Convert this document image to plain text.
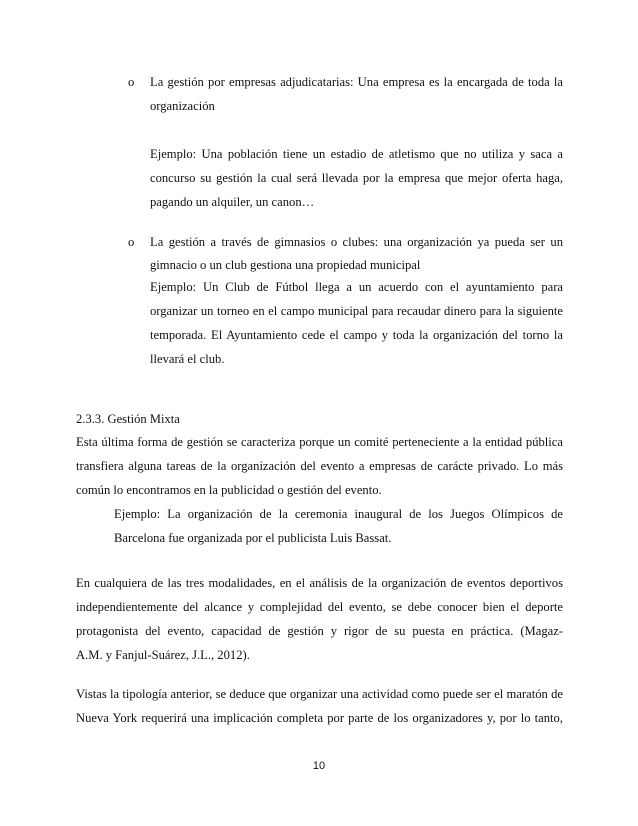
o La gestión por empresas adjudicatarias: Una empresa es la encargada de toda la
organización
Ejemplo: Una población tiene un estadio de atletismo que no utiliza y saca a
concurso su gestión la cual será llevada por la empresa que mejor oferta haga,
pagando un alquiler, un canon…
o La gestión a través de gimnasios o clubes: una organización ya pueda ser un
gimnacio o un club gestiona una propiedad municipal
Ejemplo: Un Club de Fútbol llega a un acuerdo con el ayuntamiento para
organizar un torneo en el campo municipal para recaudar dinero para la siguiente
temporada. El Ayuntamiento cede el campo y toda la organización del torno la
llevará el club.
2.3.3. Gestión Mixta
Esta última forma de gestión se caracteriza porque un comité perteneciente a la entidad pública
transfiera alguna tareas de la organización del evento a empresas de carácte privado. Lo más
común lo encontramos en la publicidad o gestión del evento.
Ejemplo: La organización de la ceremonia inaugural de los Juegos Olímpicos de
Barcelona fue organizada por el publicista Luis Bassat.
En cualquiera de las tres modalidades, en el análisis de la organización de eventos deportivos
independientemente del alcance y complejidad del evento, se debe conocer bien el deporte
protagonista del evento, capacidad de gestión y rigor de su puesta en práctica. (Magaz-
A.M. y Fanjul-Suárez, J.L., 2012).
Vistas la tipología anterior, se deduce que organizar una actividad como puede ser el maratón de
Nueva York requerirá una implicación completa por parte de los organizadores y, por lo tanto,
10
